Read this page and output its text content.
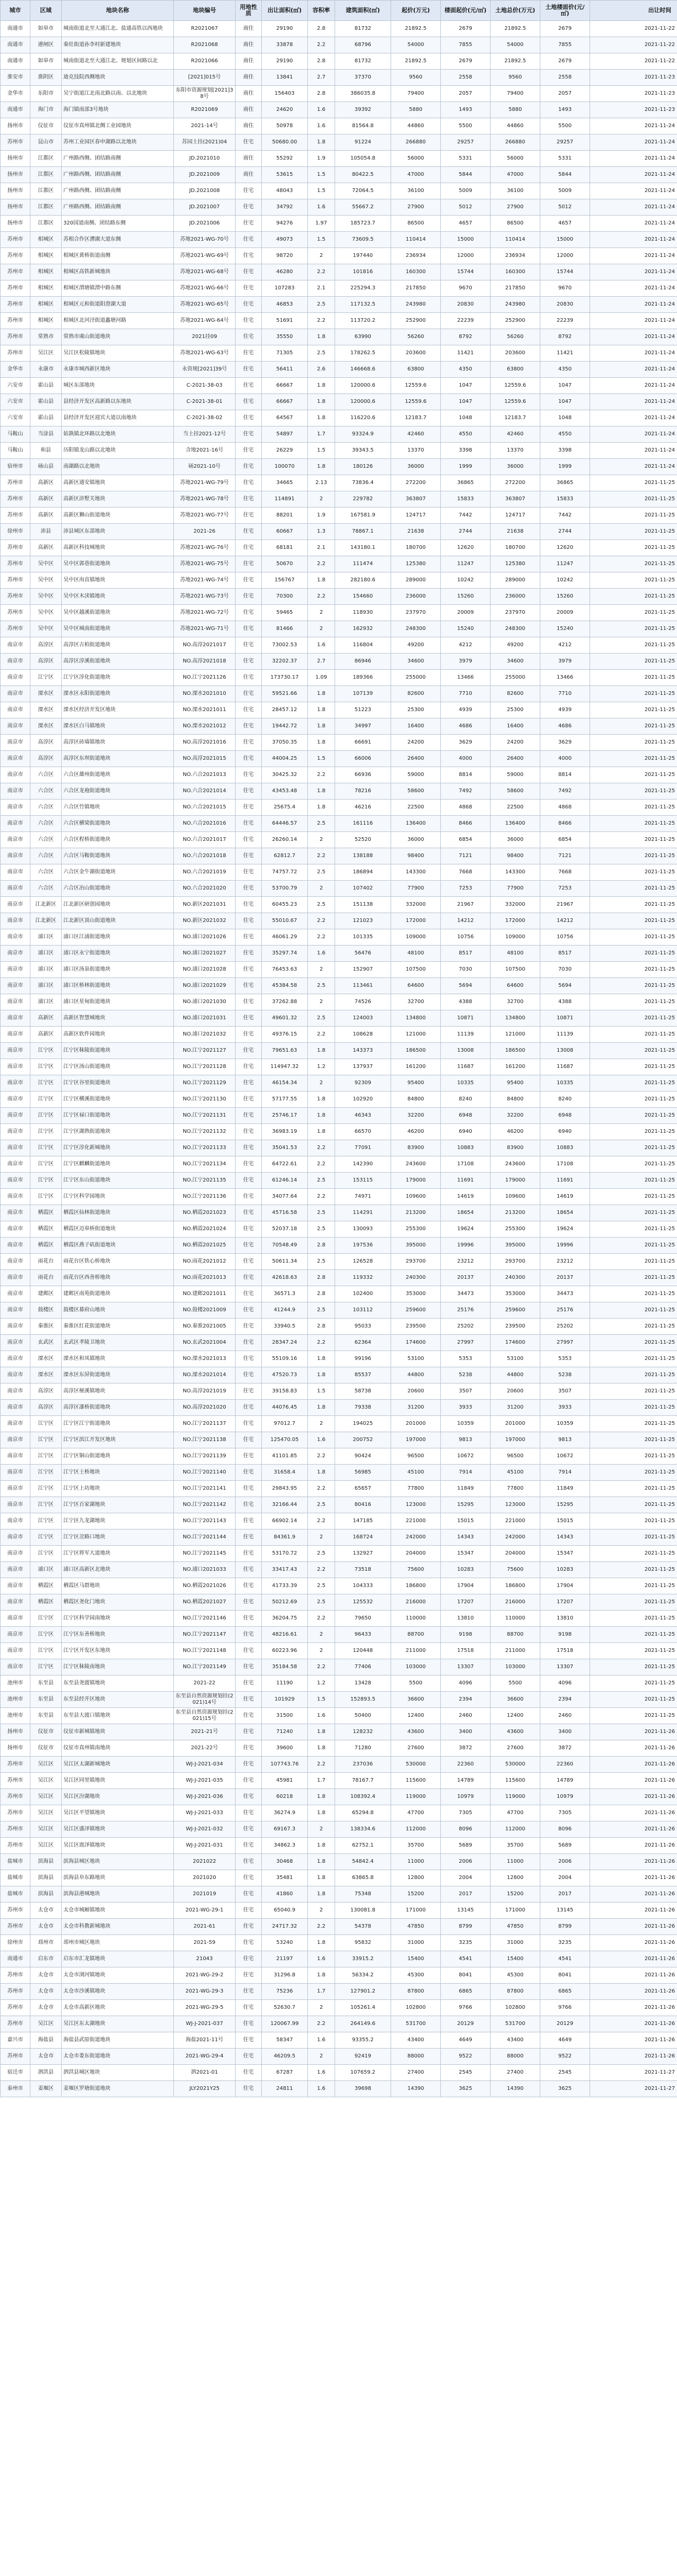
城市	区域	地块名称	地块编号	用地性质	出让面积(㎡)	容积率	建筑面积(㎡)	起价(万元)	楼面起价(元/㎡)	土地总价(万元)	土地楼面价(元/㎡)	出让时间
南通市	如皋市	城南街道北至大通江北、盐通高铁以西地块	R2021067	商住	29190	2.8	81732	21892.5	2679	21892.5	2679	2021-11-22
南通市	港闸区	秦灶街道孙李村新建地块	R2021068	商住	33878	2.2	68796	54000	7855	54000	7855	2021-11-22
南通市	如皋市	城南街道北至大通江北、规划区间路以北	R2021066	商住	29190	2.8	81732	21892.5	2679	21892.5	2679	2021-11-22
淮安市	淮阴区	迪克技院西侧地块	[2021]015号	商住	13841	2.7	37370	9560	2558	9560	2558	2021-11-23
金华市	东阳市	吴宁街道江北南北路以南、以北地块	东阳市资源规划[2021]38号	商住	156403	2.8	386035.8	79400	2057	79400	2057	2021-11-23
南通市	海门市	海门镇南部3号地块	R2021069	商住	24620	1.6	39392	5880	1493	5880	1493	2021-11-23
扬州市	仪征市	仪征市真州镇北侧工业园地块	2021-14号	商住	50978	1.6	81564.8	44860	5500	44860	5500	2021-11-24
苏州市	昆山市	苏州工业园区春申湖路以北地块	苏园土挂(2021)04	住宅	50680.00	1.8	91224	266880	29257	266880	29257	2021-11-24
扬州市	江都区	广州路西侧、团结路南侧	JD.2021010	商住	55292	1.9	105054.8	56000	5331	56000	5331	2021-11-24
扬州市	江都区	广州路西侧、团结路南侧	JD.2021009	商住	53615	1.5	80422.5	47000	5844	47000	5844	2021-11-24
扬州市	江都区	广州路西侧、团结路南侧	JD.2021008	住宅	48043	1.5	72064.5	36100	5009	36100	5009	2021-11-24
扬州市	江都区	广州路西侧、团结路南侧	JD.2021007	住宅	34792	1.6	55667.2	27900	5012	27900	5012	2021-11-24
扬州市	江都区	320国道南侧、团结路东侧	JD.2021006	住宅	94276	1.97	185723.7	86500	4657	86500	4657	2021-11-24
苏州市	相城区	苏相合作区漕湖大道东侧	苏地2021-WG-70号	住宅	49073	1.5	73609.5	110414	15000	110414	15000	2021-11-24
苏州市	相城区	相城区黄桥街道南侧	苏地2021-WG-69号	住宅	98720	2	197440	236934	12000	236934	12000	2021-11-24
苏州市	相城区	相城区高铁新城地块	苏地2021-WG-68号	住宅	46280	2.2	101816	160300	15744	160300	15744	2021-11-24
苏州市	相城区	相城区渭塘镇渭中路东侧	苏地2021-WG-66号	住宅	107283	2.1	225294.3	217850	9670	217850	9670	2021-11-24
苏州市	相城区	相城区元和街道阳澄湖大道	苏地2021-WG-65号	住宅	46853	2.5	117132.5	243980	20830	243980	20830	2021-11-24
苏州市	相城区	相城区北河泾街道蠡塘河路	苏地2021-WG-64号	住宅	51691	2.2	113720.2	252900	22239	252900	22239	2021-11-24
苏州市	常熟市	常熟市虞山街道地块	2021挂09	住宅	35550	1.8	63990	56260	8792	56260	8792	2021-11-24
苏州市	吴江区	吴江区松陵镇地块	苏地2021-WG-63号	住宅	71305	2.5	178262.5	203600	11421	203600	11421	2021-11-24
金华市	永康市	永康市城西新区地块	永资规[2021]39号	住宅	56411	2.6	146668.6	63800	4350	63800	4350	2021-11-24
六安市	霍山县	城区东部地块	C-2021-38-03	住宅	66667	1.8	120000.6	12559.6	1047	12559.6	1047	2021-11-24
六安市	霍山县	县经济开发区高新路以东地块	C-2021-38-01	住宅	66667	1.8	120000.6	12559.6	1047	12559.6	1047	2021-11-24
六安市	霍山县	县经济开发区迎宾大道以南地块	C-2021-38-02	住宅	64567	1.8	116220.6	12183.7	1048	12183.7	1048	2021-11-24
马鞍山	当涂县	姑孰镇北环路以北地块	当土挂2021-12号	住宅	54897	1.7	93324.9	42460	4550	42460	4550	2021-11-24
马鞍山	和县	历阳镇龙山路以北地块	含地2021-16号	住宅	26229	1.5	39343.5	13370	3398	13370	3398	2021-11-24
宿州市	砀山县	南湖路以北地块	砀2021-10号	住宅	100070	1.8	180126	36000	1999	36000	1999	2021-11-24
苏州市	高新区	高新区通安镇地块	苏地2021-WG-79号	住宅	34665	2.13	73836.4	272200	36865	272200	36865	2021-11-25
苏州市	高新区	高新区浒墅关地块	苏地2021-WG-78号	住宅	114891	2	229782	363807	15833	363807	15833	2021-11-25
苏州市	高新区	高新区狮山街道地块	苏地2021-WG-77号	住宅	88201	1.9	167581.9	124717	7442	124717	7442	2021-11-25
徐州市	沛县	沛县城区东部地块	2021-26	住宅	60667	1.3	78867.1	21638	2744	21638	2744	2021-11-25
苏州市	高新区	高新区科技城地块	苏地2021-WG-76号	住宅	68181	2.1	143180.1	180700	12620	180700	12620	2021-11-25
苏州市	吴中区	吴中区郭巷街道地块	苏地2021-WG-75号	住宅	50670	2.2	111474	125380	11247	125380	11247	2021-11-25
苏州市	吴中区	吴中区甪直镇地块	苏地2021-WG-74号	住宅	156767	1.8	282180.6	289000	10242	289000	10242	2021-11-25
苏州市	吴中区	吴中区木渎镇地块	苏地2021-WG-73号	住宅	70300	2.2	154660	236000	15260	236000	15260	2021-11-25
苏州市	吴中区	吴中区越溪街道地块	苏地2021-WG-72号	住宅	59465	2	118930	237970	20009	237970	20009	2021-11-25
苏州市	吴中区	吴中区城南街道地块	苏地2021-WG-71号	住宅	81466	2	162932	248300	15240	248300	15240	2021-11-25
南京市	高淳区	高淳区古柏街道地块	NO.高淳2021017	住宅	73002.53	1.6	116804	49200	4212	49200	4212	2021-11-25
南京市	高淳区	高淳区淳溪街道地块	NO.高淳2021018	住宅	32202.37	2.7	86946	34600	3979	34600	3979	2021-11-25
南京市	江宁区	江宁区淳化街道地块	NO.江宁2021126	住宅	173730.17	1.09	189366	255000	13466	255000	13466	2021-11-25
南京市	溧水区	溧水区永阳街道地块	NO.溧水2021010	住宅	59521.66	1.8	107139	82600	7710	82600	7710	2021-11-25
南京市	溧水区	溧水区经济开发区地块	NO.溧水2021011	住宅	28457.12	1.8	51223	25300	4939	25300	4939	2021-11-25
南京市	溧水区	溧水区白马镇地块	NO.溧水2021012	住宅	19442.72	1.8	34997	16400	4686	16400	4686	2021-11-25
南京市	高淳区	高淳区砖墙镇地块	NO.高淳2021016	住宅	37050.35	1.8	66691	24200	3629	24200	3629	2021-11-25
南京市	高淳区	高淳区东坝街道地块	NO.高淳2021015	住宅	44004.25	1.5	66006	26400	4000	26400	4000	2021-11-25
南京市	六合区	六合区雄州街道地块	NO.六合2021013	住宅	30425.32	2.2	66936	59000	8814	59000	8814	2021-11-25
南京市	六合区	六合区龙袍街道地块	NO.六合2021014	住宅	43453.48	1.8	78216	58600	7492	58600	7492	2021-11-25
南京市	六合区	六合区竹镇地块	NO.六合2021015	住宅	25675.4	1.8	46216	22500	4868	22500	4868	2021-11-25
南京市	六合区	六合区横梁街道地块	NO.六合2021016	住宅	64446.57	2.5	161116	136400	8466	136400	8466	2021-11-25
南京市	六合区	六合区程桥街道地块	NO.六合2021017	住宅	26260.14	2	52520	36000	6854	36000	6854	2021-11-25
南京市	六合区	六合区马鞍街道地块	NO.六合2021018	住宅	62812.7	2.2	138188	98400	7121	98400	7121	2021-11-25
南京市	六合区	六合区金牛湖街道地块	NO.六合2021019	住宅	74757.72	2.5	186894	143300	7668	143300	7668	2021-11-25
南京市	六合区	六合区冶山街道地块	NO.六合2021020	住宅	53700.79	2	107402	77900	7253	77900	7253	2021-11-25
南京市	江北新区	江北新区研创园地块	NO.新区2021031	住宅	60455.23	2.5	151138	332000	21967	332000	21967	2021-11-25
南京市	江北新区	江北新区顶山街道地块	NO.新区2021032	住宅	55010.67	2.2	121023	172000	14212	172000	14212	2021-11-25
南京市	浦口区	浦口区江浦街道地块	NO.浦口2021026	住宅	46061.29	2.2	101335	109000	10756	109000	10756	2021-11-25
南京市	浦口区	浦口区永宁街道地块	NO.浦口2021027	住宅	35297.74	1.6	56476	48100	8517	48100	8517	2021-11-25
南京市	浦口区	浦口区汤泉街道地块	NO.浦口2021028	住宅	76453.63	2	152907	107500	7030	107500	7030	2021-11-25
南京市	浦口区	浦口区桥林街道地块	NO.浦口2021029	住宅	45384.58	2.5	113461	64600	5694	64600	5694	2021-11-25
南京市	浦口区	浦口区星甸街道地块	NO.浦口2021030	住宅	37262.88	2	74526	32700	4388	32700	4388	2021-11-25
南京市	高新区	高新区智慧城地块	NO.浦口2021031	住宅	49601.32	2.5	124003	134800	10871	134800	10871	2021-11-25
南京市	高新区	高新区软件园地块	NO.浦口2021032	住宅	49376.15	2.2	108628	121000	11139	121000	11139	2021-11-25
南京市	江宁区	江宁区秣陵街道地块	NO.江宁2021127	住宅	79651.63	1.8	143373	186500	13008	186500	13008	2021-11-25
南京市	江宁区	江宁区汤山街道地块	NO.江宁2021128	住宅	114947.32	1.2	137937	161200	11687	161200	11687	2021-11-25
南京市	江宁区	江宁区谷里街道地块	NO.江宁2021129	住宅	46154.34	2	92309	95400	10335	95400	10335	2021-11-25
南京市	江宁区	江宁区横溪街道地块	NO.江宁2021130	住宅	57177.55	1.8	102920	84800	8240	84800	8240	2021-11-25
南京市	江宁区	江宁区禄口街道地块	NO.江宁2021131	住宅	25746.17	1.8	46343	32200	6948	32200	6948	2021-11-25
南京市	江宁区	江宁区湖熟街道地块	NO.江宁2021132	住宅	36983.19	1.8	66570	46200	6940	46200	6940	2021-11-25
南京市	江宁区	江宁区淳化新城地块	NO.江宁2021133	住宅	35041.53	2.2	77091	83900	10883	83900	10883	2021-11-25
南京市	江宁区	江宁区麒麟街道地块	NO.江宁2021134	住宅	64722.61	2.2	142390	243600	17108	243600	17108	2021-11-25
南京市	江宁区	江宁区东山街道地块	NO.江宁2021135	住宅	61246.14	2.5	153115	179000	11691	179000	11691	2021-11-25
南京市	江宁区	江宁区科学园地块	NO.江宁2021136	住宅	34077.64	2.2	74971	109600	14619	109600	14619	2021-11-25
南京市	栖霞区	栖霞区仙林街道地块	NO.栖霞2021023	住宅	45716.58	2.5	114291	213200	18654	213200	18654	2021-11-25
南京市	栖霞区	栖霞区迈皋桥街道地块	NO.栖霞2021024	住宅	52037.18	2.5	130093	255300	19624	255300	19624	2021-11-25
南京市	栖霞区	栖霞区燕子矶街道地块	NO.栖霞2021025	住宅	70548.49	2.8	197536	395000	19996	395000	19996	2021-11-25
南京市	雨花台	雨花台区铁心桥地块	NO.雨花2021012	住宅	50611.34	2.5	126528	293700	23212	293700	23212	2021-11-25
南京市	雨花台	雨花台区西善桥地块	NO.雨花2021013	住宅	42618.63	2.8	119332	240300	20137	240300	20137	2021-11-25
南京市	建邺区	建邺区南苑街道地块	NO.建邺2021011	住宅	36571.3	2.8	102400	353000	34473	353000	34473	2021-11-25
南京市	鼓楼区	鼓楼区幕府山地块	NO.鼓楼2021009	住宅	41244.9	2.5	103112	259600	25176	259600	25176	2021-11-25
南京市	秦淮区	秦淮区红花街道地块	NO.秦淮2021005	住宅	33940.5	2.8	95033	239500	25202	239500	25202	2021-11-25
南京市	玄武区	玄武区孝陵卫地块	NO.玄武2021004	住宅	28347.24	2.2	62364	174600	27997	174600	27997	2021-11-25
南京市	溧水区	溧水区和凤镇地块	NO.溧水2021013	住宅	55109.16	1.8	99196	53100	5353	53100	5353	2021-11-25
南京市	溧水区	溧水区东屏街道地块	NO.溧水2021014	住宅	47520.73	1.8	85537	44800	5238	44800	5238	2021-11-25
南京市	高淳区	高淳区桠溪镇地块	NO.高淳2021019	住宅	39158.83	1.5	58738	20600	3507	20600	3507	2021-11-25
南京市	高淳区	高淳区漆桥街道地块	NO.高淳2021020	住宅	44076.45	1.8	79338	31200	3933	31200	3933	2021-11-25
南京市	江宁区	江宁区江宁街道地块	NO.江宁2021137	住宅	97012.7	2	194025	201000	10359	201000	10359	2021-11-25
南京市	江宁区	江宁区滨江开发区地块	NO.江宁2021138	住宅	125470.05	1.6	200752	197000	9813	197000	9813	2021-11-25
南京市	江宁区	江宁区铜山街道地块	NO.江宁2021139	住宅	41101.85	2.2	90424	96500	10672	96500	10672	2021-11-25
南京市	江宁区	江宁区土桥地块	NO.江宁2021140	住宅	31658.4	1.8	56985	45100	7914	45100	7914	2021-11-25
南京市	江宁区	江宁区上坊地块	NO.江宁2021141	住宅	29843.95	2.2	65657	77800	11849	77800	11849	2021-11-25
南京市	江宁区	江宁区百家湖地块	NO.江宁2021142	住宅	32166.44	2.5	80416	123000	15295	123000	15295	2021-11-25
南京市	江宁区	江宁区九龙湖地块	NO.江宁2021143	住宅	66902.14	2.2	147185	221000	15015	221000	15015	2021-11-25
南京市	江宁区	江宁区岔路口地块	NO.江宁2021144	住宅	84361.9	2	168724	242000	14343	242000	14343	2021-11-25
南京市	江宁区	江宁区将军大道地块	NO.江宁2021145	住宅	53170.72	2.5	132927	204000	15347	204000	15347	2021-11-25
南京市	浦口区	浦口区高新区北地块	NO.浦口2021033	住宅	33417.43	2.2	73518	75600	10283	75600	10283	2021-11-25
南京市	栖霞区	栖霞区马群地块	NO.栖霞2021026	住宅	41733.39	2.5	104333	186800	17904	186800	17904	2021-11-25
南京市	栖霞区	栖霞区尧化门地块	NO.栖霞2021027	住宅	50212.69	2.5	125532	216000	17207	216000	17207	2021-11-25
南京市	江宁区	江宁区科学园南地块	NO.江宁2021146	住宅	36204.75	2.2	79650	110000	13810	110000	13810	2021-11-25
南京市	江宁区	江宁区东善桥地块	NO.江宁2021147	住宅	48216.61	2	96433	88700	9198	88700	9198	2021-11-25
南京市	江宁区	江宁区开发区东地块	NO.江宁2021148	住宅	60223.96	2	120448	211000	17518	211000	17518	2021-11-25
南京市	江宁区	江宁区秣陵南地块	NO.江宁2021149	住宅	35184.58	2.2	77406	103000	13307	103000	13307	2021-11-25
池州市	东至县	东至县尧渡镇地块	2021-22	住宅	11190	1.2	13428	5500	4096	5500	4096	2021-11-25
池州市	东至县	东至县经开区地块	东至县自然资源规划挂(2021)14号	住宅	101929	1.5	152893.5	36600	2394	36600	2394	2021-11-25
池州市	东至县	东至县大渡口镇地块	东至县自然资源规划挂(2021)15号	住宅	31500	1.6	50400	12400	2460	12400	2460	2021-11-25
扬州市	仪征市	仪征市新城镇地块	2021-21号	住宅	71240	1.8	128232	43600	3400	43600	3400	2021-11-26
扬州市	仪征市	仪征市真州镇南地块	2021-22号	住宅	39600	1.8	71280	27600	3872	27600	3872	2021-11-26
苏州市	吴江区	吴江区太湖新城地块	WJ-J-2021-034	住宅	107743.76	2.2	237036	530000	22360	530000	22360	2021-11-26
苏州市	吴江区	吴江区同里镇地块	WJ-J-2021-035	住宅	45981	1.7	78167.7	115600	14789	115600	14789	2021-11-26
苏州市	吴江区	吴江区汾湖地块	WJ-J-2021-036	住宅	60218	1.8	108392.4	119000	10979	119000	10979	2021-11-26
苏州市	吴江区	吴江区平望镇地块	WJ-J-2021-033	住宅	36274.9	1.8	65294.8	47700	7305	47700	7305	2021-11-26
苏州市	吴江区	吴江区盛泽镇地块	WJ-J-2021-032	住宅	69167.3	2	138334.6	112000	8096	112000	8096	2021-11-26
苏州市	吴江区	吴江区震泽镇地块	WJ-J-2021-031	住宅	34862.3	1.8	62752.1	35700	5689	35700	5689	2021-11-26
盐城市	滨海县	滨海县城区地块	2021022	住宅	30468	1.8	54842.4	11000	2006	11000	2006	2021-11-26
盐城市	滨海县	滨海县阜东路地块	2021020	住宅	35481	1.8	63865.8	12800	2004	12800	2004	2021-11-26
盐城市	滨海县	滨海县港城地块	2021019	住宅	41860	1.8	75348	15200	2017	15200	2017	2021-11-26
苏州市	太仓市	太仓市城厢镇地块	2021-WG-29-1	住宅	65040.9	2	130081.8	171000	13145	171000	13145	2021-11-26
苏州市	太仓市	太仓市科教新城地块	2021-61	住宅	24717.32	2.2	54378	47850	8799	47850	8799	2021-11-26
徐州市	邳州市	邳州市城区地块	2021-59	住宅	53240	1.8	95832	31000	3235	31000	3235	2021-11-26
南通市	启东市	启东市汇龙镇地块	21043	住宅	21197	1.6	33915.2	15400	4541	15400	4541	2021-11-26
苏州市	太仓市	太仓市浏河镇地块	2021-WG-29-2	住宅	31296.8	1.8	56334.2	45300	8041	45300	8041	2021-11-26
苏州市	太仓市	太仓市沙溪镇地块	2021-WG-29-3	住宅	75236	1.7	127901.2	87800	6865	87800	6865	2021-11-26
苏州市	太仓市	太仓市高新区地块	2021-WG-29-5	住宅	52630.7	2	105261.4	102800	9766	102800	9766	2021-11-26
苏州市	吴江区	吴江区东太湖地块	WJ-J-2021-037	住宅	120067.99	2.2	264149.6	531700	20129	531700	20129	2021-11-26
嘉兴市	海盐县	海盐县武原街道地块	海盐2021-11号	住宅	58347	1.6	93355.2	43400	4649	43400	4649	2021-11-26
苏州市	太仓市	太仓市娄东街道地块	2021-WG-29-4	住宅	46209.5	2	92419	88000	9522	88000	9522	2021-11-26
宿迁市	泗洪县	泗洪县城区地块	泗2021-01	住宅	67287	1.6	107659.2	27400	2545	27400	2545	2021-11-27
泰州市	姜堰区	姜堰区罗塘街道地块	JLY2021Y25	住宅	24811	1.6	39698	14390	3625	14390	3625	2021-11-27
